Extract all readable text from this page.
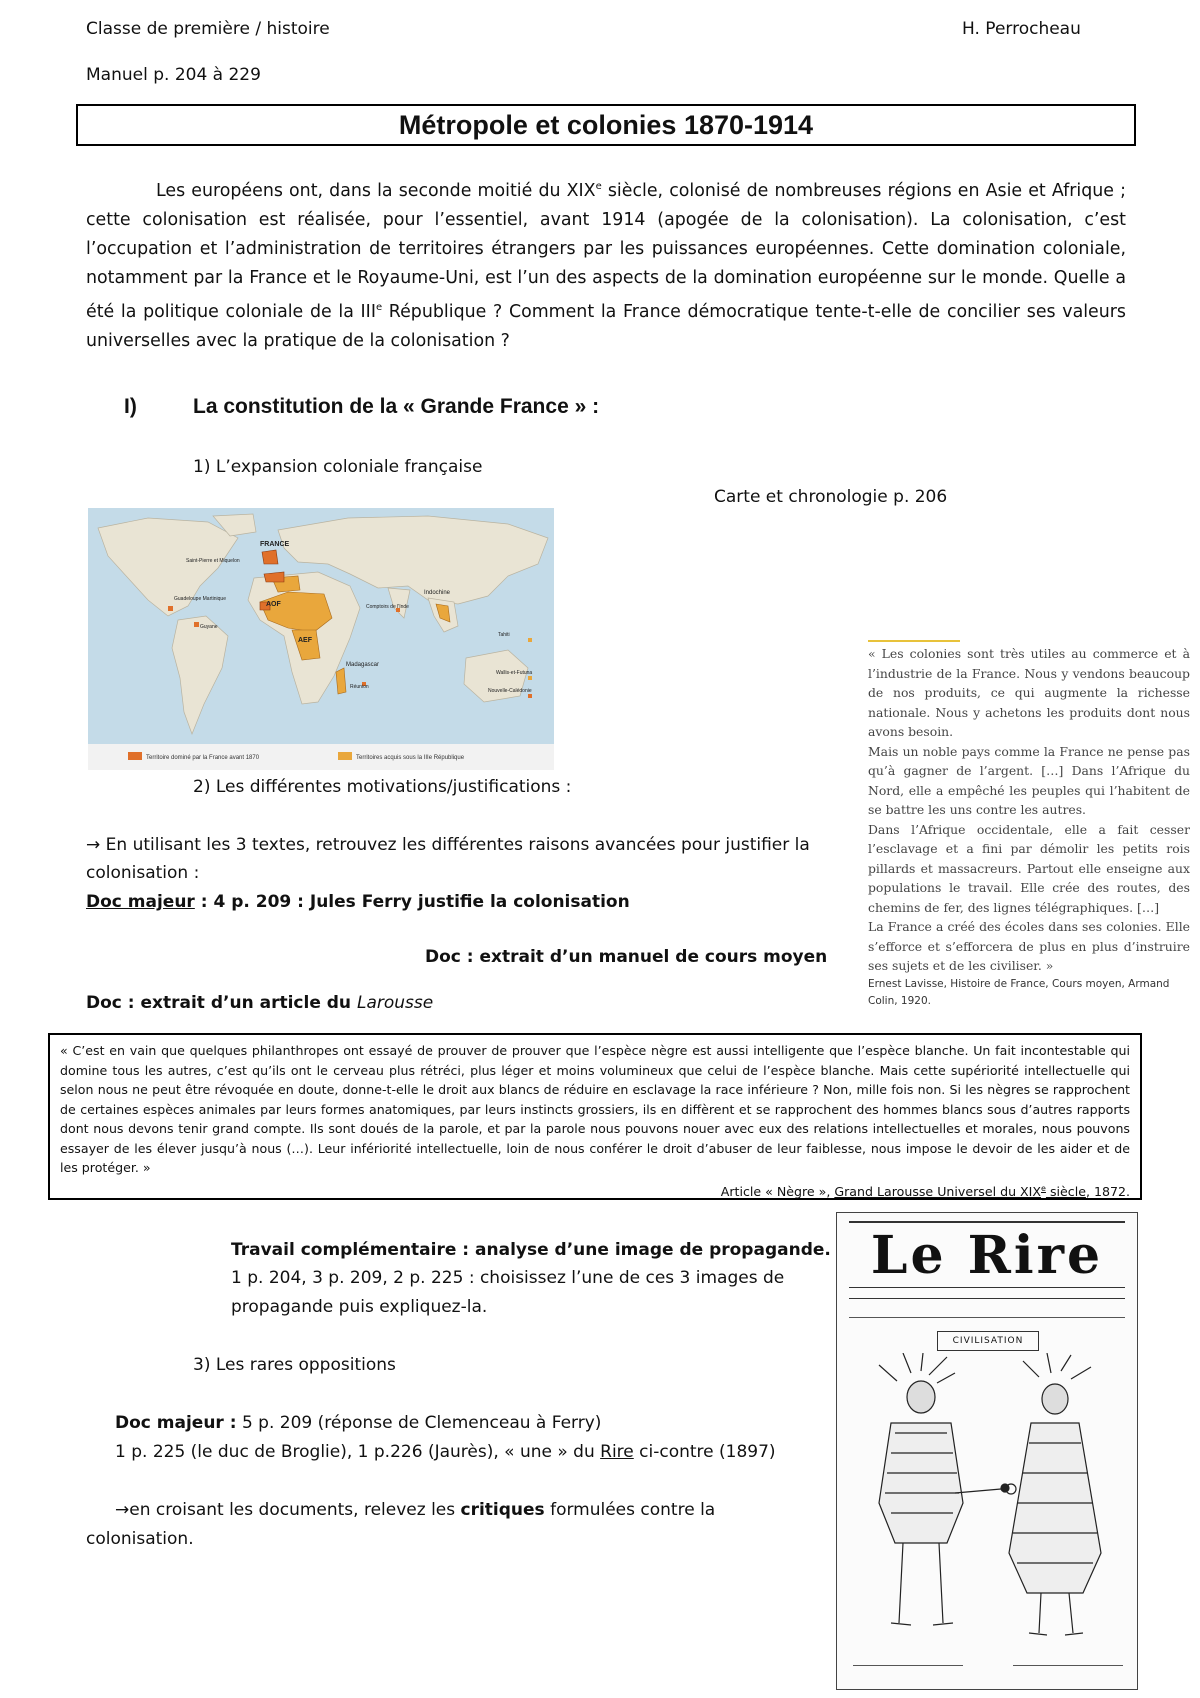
Classe de première / histoire	H. Perrocheau
Manuel p. 204 à 229
Métropole et colonies 1870-1914
Les européens ont, dans la seconde moitié du XIXe siècle, colonisé de nombreuses régions en Asie et Afrique ; cette colonisation est réalisée, pour l’essentiel, avant 1914 (apogée de la colonisation). La colonisation, c’est l’occupation et l’administration de territoires étrangers par les puissances européennes. Cette domination coloniale, notamment par la France et le Royaume-Uni, est l’un des aspects de la domination européenne sur le monde. Quelle a été la politique coloniale de la IIIe République ? Comment la France démocratique tente-t-elle de concilier ses valeurs universelles avec la pratique de la colonisation ?
I)	La constitution de la « Grande France » :
1) L’expansion coloniale française
Carte et chronologie p. 206
FRANCE
AOF
AEF
Indochine
Madagascar
Saint-Pierre et Miquelon
Guadeloupe Martinique
Guyane
Réunion
Comptoirs de l'Inde
Tahiti
Nouvelle-Calédonie
Wallis-et-Futuna
Territoire dominé par la France avant 1870	Territoires acquis sous la IIIe République
« Les colonies sont très utiles au commerce et à l’industrie de la France. Nous y vendons beaucoup de nos produits, ce qui augmente la richesse nationale. Nous y achetons les produits dont nous avons besoin.
Mais un noble pays comme la France ne pense pas qu’à gagner de l’argent. […] Dans l’Afrique du Nord, elle a empêché les peuples qui l’habitent de se battre les uns contre les autres.
Dans l’Afrique occidentale, elle a fait cesser l’esclavage et a fini par démolir les petits rois pillards et massacreurs. Partout elle enseigne aux populations le travail. Elle crée des routes, des chemins de fer, des lignes télégraphiques. […]
La France a créé des écoles dans ses colonies. Elle s’efforce et s’efforcera de plus en plus d’instruire ses sujets et de les civiliser. »
Ernest Lavisse, Histoire de France, Cours moyen, Armand Colin, 1920.
2) Les différentes motivations/justifications :
→ En utilisant les 3 textes, retrouvez les différentes raisons avancées pour justifier la
colonisation :
Doc majeur : 4 p. 209 : Jules Ferry justifie la colonisation
Doc : extrait d’un manuel de cours moyen
Doc : extrait d’un article du Larousse
« C’est en vain que quelques philanthropes ont essayé de prouver de prouver que l’espèce nègre est aussi intelligente que l’espèce blanche. Un fait incontestable qui domine tous les autres, c’est qu’ils ont le cerveau plus rétréci, plus léger et moins volumineux que celui de l’espèce blanche. Mais cette supériorité intellectuelle qui selon nous ne peut être révoquée en doute, donne-t-elle le droit aux blancs de réduire en esclavage la race inférieure ? Non, mille fois non. Si les nègres se rapprochent de certaines espèces animales par leurs formes anatomiques, par leurs instincts grossiers, ils en diffèrent et se rapprochent des hommes blancs sous d’autres rapports dont nous devons tenir grand compte. Ils sont doués de la parole, et par la parole nous pouvons nouer avec eux des relations intellectuelles et morales, nous pouvons essayer de les élever jusqu’à nous (…). Leur infériorité intellectuelle, loin de nous conférer le droit d’abuser de leur faiblesse, nous impose le devoir de les aider et de les protéger. »
Article « Nègre », Grand Larousse Universel du XIXe siècle, 1872.
Travail complémentaire : analyse d’une image de propagande.
1 p. 204, 3 p. 209, 2 p. 225 : choisissez l’une de ces 3 images de
propagande puis expliquez-la.
3) Les rares oppositions
Doc majeur : 5 p. 209 (réponse de Clemenceau à Ferry)
1 p. 225 (le duc de Broglie), 1 p.226 (Jaurès), « une » du Rire ci-contre (1897)
→en croisant les documents, relevez les critiques formulées contre la
colonisation.
Le Rire
CIVILISATION
